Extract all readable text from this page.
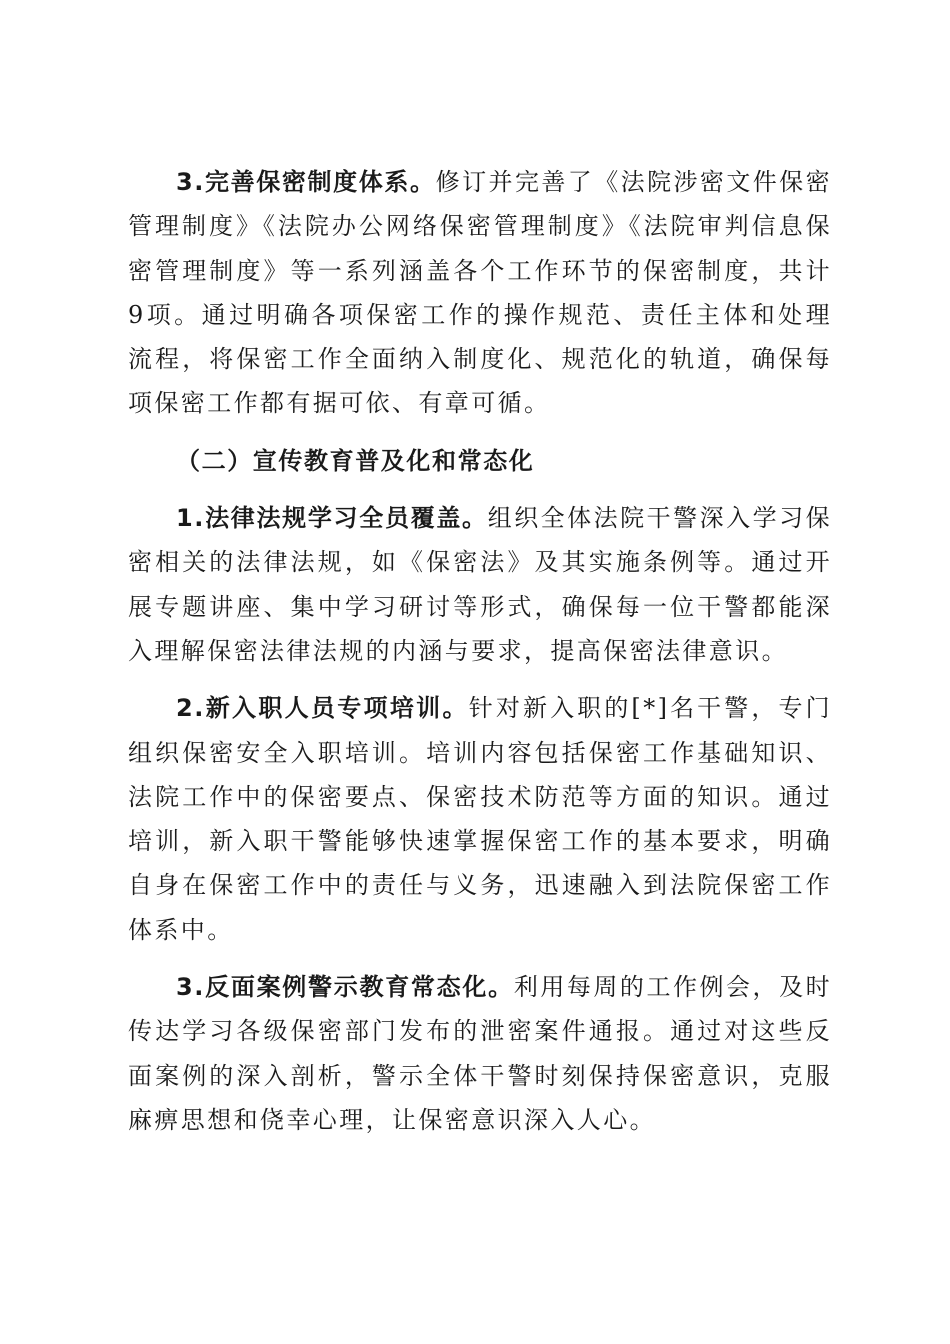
3.完善保密制度体系。修订并完善了《法院涉密文件保密管理制度》《法院办公网络保密管理制度》《法院审判信息保密管理制度》等一系列涵盖各个工作环节的保密制度，共计9项。通过明确各项保密工作的操作规范、责任主体和处理流程，将保密工作全面纳入制度化、规范化的轨道，确保每项保密工作都有据可依、有章可循。

（二）宣传教育普及化和常态化

1.法律法规学习全员覆盖。组织全体法院干警深入学习保密相关的法律法规，如《保密法》及其实施条例等。通过开展专题讲座、集中学习研讨等形式，确保每一位干警都能深入理解保密法律法规的内涵与要求，提高保密法律意识。

2.新入职人员专项培训。针对新入职的[*]名干警，专门组织保密安全入职培训。培训内容包括保密工作基础知识、法院工作中的保密要点、保密技术防范等方面的知识。通过培训，新入职干警能够快速掌握保密工作的基本要求，明确自身在保密工作中的责任与义务，迅速融入到法院保密工作体系中。

3.反面案例警示教育常态化。利用每周的工作例会，及时传达学习各级保密部门发布的泄密案件通报。通过对这些反面案例的深入剖析，警示全体干警时刻保持保密意识，克服麻痹思想和侥幸心理，让保密意识深入人心。
